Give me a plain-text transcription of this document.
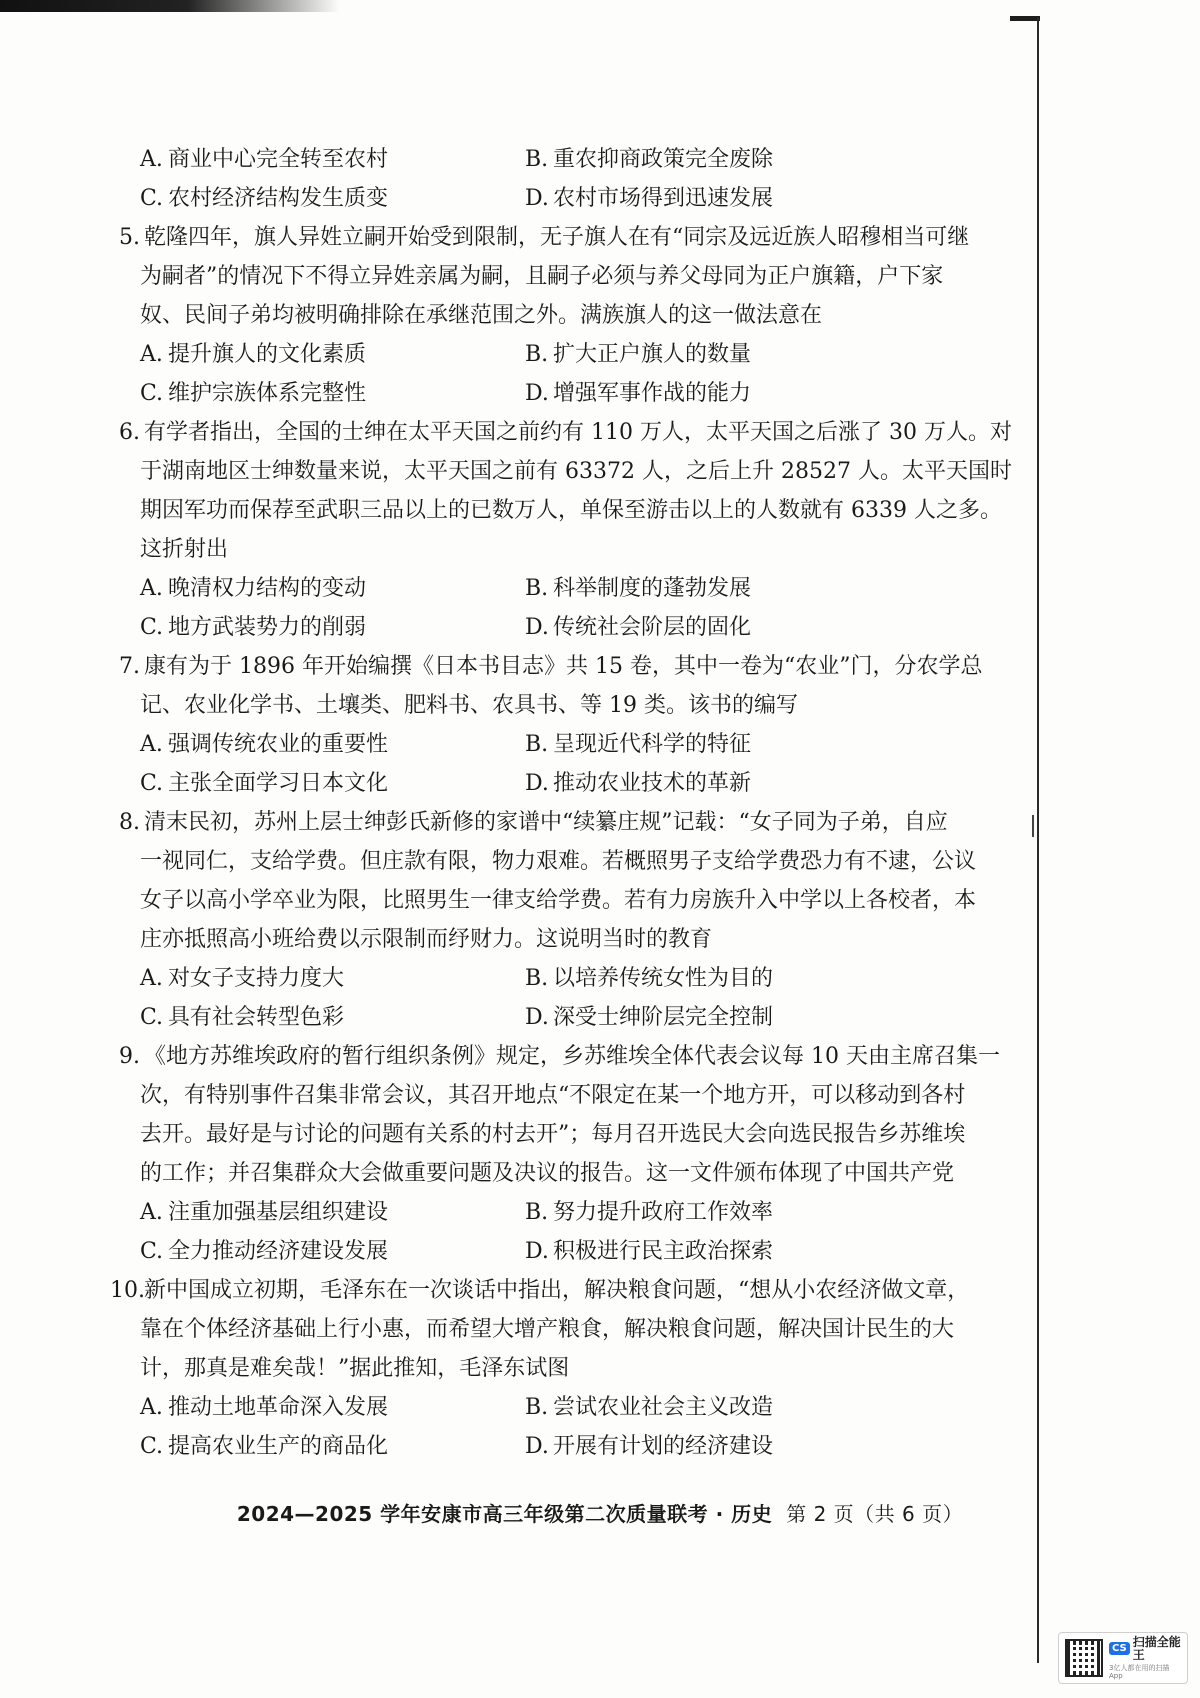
A. 商业中心完全转至农村	B. 重农抑商政策完全废除
C. 农村经济结构发生质变	D. 农村市场得到迅速发展
5. 乾隆四年，旗人异姓立嗣开始受到限制，无子旗人在有“同宗及远近族人昭穆相当可继
为嗣者”的情况下不得立异姓亲属为嗣，且嗣子必须与养父母同为正户旗籍，户下家
奴、民间子弟均被明确排除在承继范围之外。满族旗人的这一做法意在
A. 提升旗人的文化素质	B. 扩大正户旗人的数量
C. 维护宗族体系完整性	D. 增强军事作战的能力
6. 有学者指出，全国的士绅在太平天国之前约有 110 万人，太平天国之后涨了 30 万人。对
于湖南地区士绅数量来说，太平天国之前有 63372 人，之后上升 28527 人。太平天国时
期因军功而保荐至武职三品以上的已数万人，单保至游击以上的人数就有 6339 人之多。
这折射出
A. 晚清权力结构的变动	B. 科举制度的蓬勃发展
C. 地方武装势力的削弱	D. 传统社会阶层的固化
7. 康有为于 1896 年开始编撰《日本书目志》共 15 卷，其中一卷为“农业”门，分农学总
记、农业化学书、土壤类、肥料书、农具书、等 19 类。该书的编写
A. 强调传统农业的重要性	B. 呈现近代科学的特征
C. 主张全面学习日本文化	D. 推动农业技术的革新
8. 清末民初，苏州上层士绅彭氏新修的家谱中“续纂庄规”记载：“女子同为子弟，自应
一视同仁，支给学费。但庄款有限，物力艰难。若概照男子支给学费恐力有不逮，公议
女子以高小学卒业为限，比照男生一律支给学费。若有力房族升入中学以上各校者，本
庄亦抵照高小班给费以示限制而纾财力。这说明当时的教育
A. 对女子支持力度大	B. 以培养传统女性为目的
C. 具有社会转型色彩	D. 深受士绅阶层完全控制
9. 《地方苏维埃政府的暂行组织条例》规定，乡苏维埃全体代表会议每 10 天由主席召集一
次，有特别事件召集非常会议，其召开地点“不限定在某一个地方开，可以移动到各村
去开。最好是与讨论的问题有关系的村去开”；每月召开选民大会向选民报告乡苏维埃
的工作；并召集群众大会做重要问题及决议的报告。这一文件颁布体现了中国共产党
A. 注重加强基层组织建设	B. 努力提升政府工作效率
C. 全力推动经济建设发展	D. 积极进行民主政治探索
10. 新中国成立初期，毛泽东在一次谈话中指出，解决粮食问题，“想从小农经济做文章，
靠在个体经济基础上行小惠，而希望大增产粮食，解决粮食问题，解决国计民生的大
计，那真是难矣哉！”据此推知，毛泽东试图
A. 推动土地革命深入发展	B. 尝试农业社会主义改造
C. 提高农业生产的商品化	D. 开展有计划的经济建设
2024—2025 学年安康市高三年级第二次质量联考 · 历史 第 2 页（共 6 页）
CS
扫描全能王
3亿人都在用的扫描App
